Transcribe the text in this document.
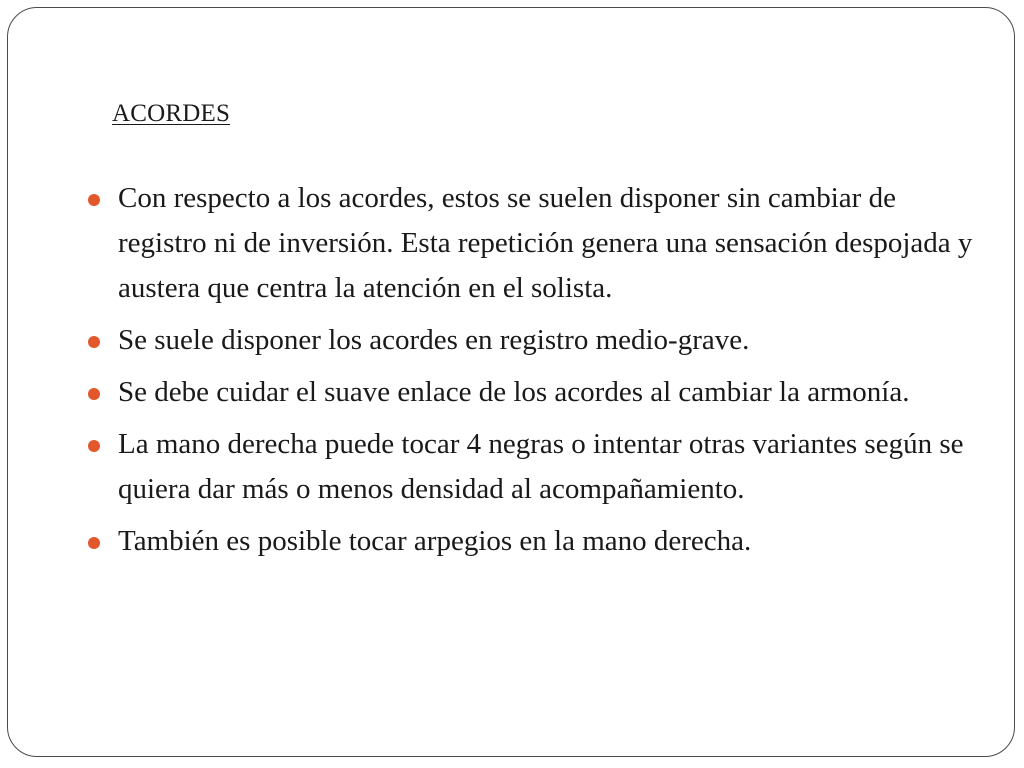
ACORDES
Con respecto a los acordes, estos se suelen disponer sin cambiar de registro ni de inversión. Esta repetición genera una sensación despojada y austera que centra la atención en el solista.
Se suele disponer los acordes en registro medio-grave.
Se debe cuidar el suave enlace de los acordes al cambiar la armonía.
La mano derecha puede tocar 4 negras o intentar otras variantes según se quiera dar más o menos densidad al acompañamiento.
También es posible tocar arpegios en la mano derecha.
